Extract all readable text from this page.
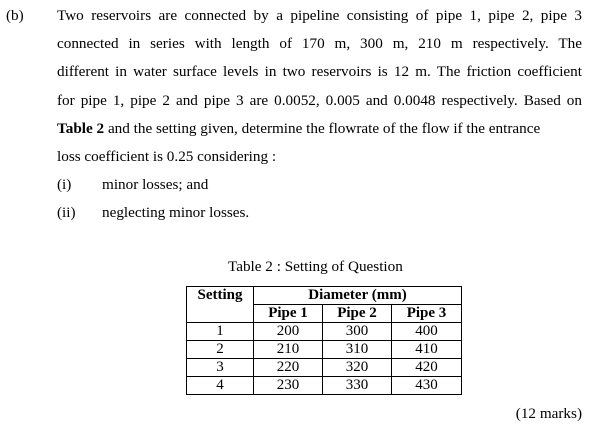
(b) Two reservoirs are connected by a pipeline consisting of pipe 1, pipe 2, pipe 3
connected in series with length of 170 m, 300 m, 210 m respectively. The
different in water surface levels in two reservoirs is 12 m. The friction coefficient
for pipe 1, pipe 2 and pipe 3 are 0.0052, 0.005 and 0.0048 respectively. Based on
Table 2 and the setting given, determine the flowrate of the flow if the entrance
loss coefficient is 0.25 considering :
(i) minor losses; and
(ii) neglecting minor losses.
Table 2 : Setting of Question
Setting	Diameter (mm)		
	Pipe 1	Pipe 2	Pipe 3
1	200	300	400
2	210	310	410
3	220	320	420
4	230	330	430
(12 marks)
